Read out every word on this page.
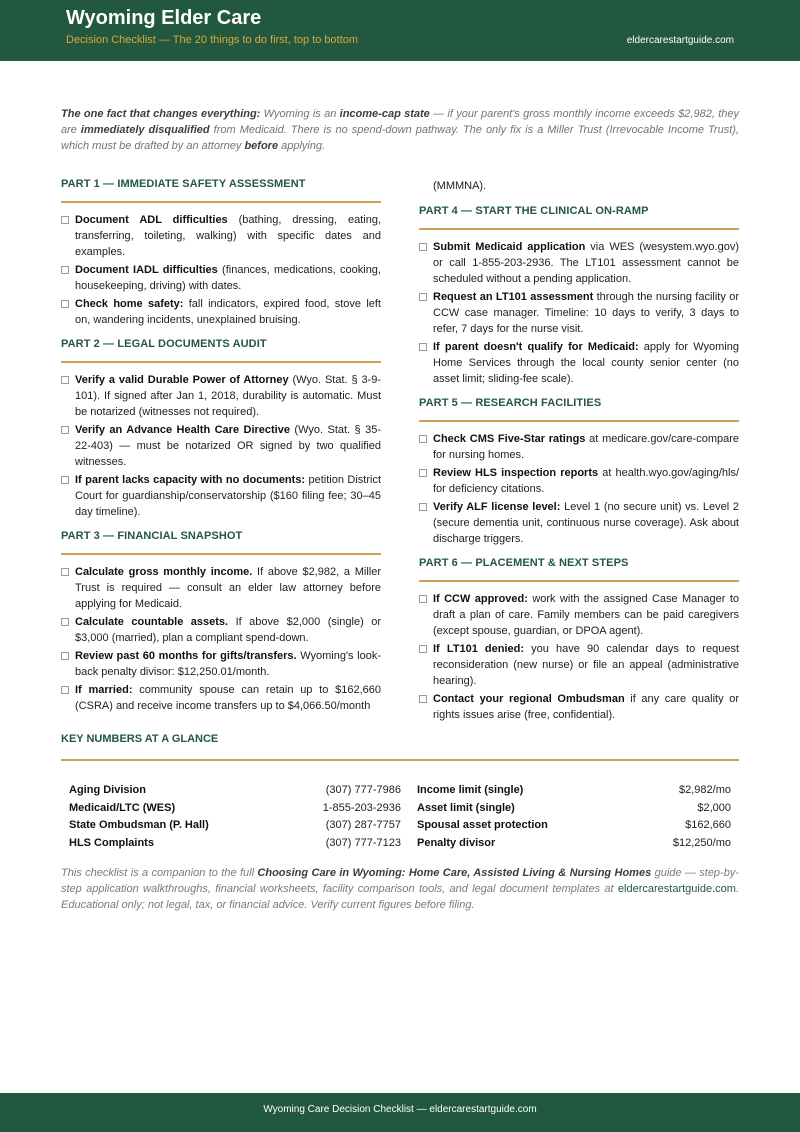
Wyoming Elder Care
Decision Checklist — The 20 things to do first, top to bottom	eldercarestartguide.com

The one fact that changes everything: Wyoming is an income-cap state — if your parent's gross monthly income exceeds $2,982, they are immediately disqualified from Medicaid. There is no spend-down pathway. The only fix is a Miller Trust (Irrevocable Income Trust), which must be drafted by an attorney before applying.

PART 1 — IMMEDIATE SAFETY ASSESSMENT
Document ADL difficulties (bathing, dressing, eating, transferring, toileting, walking) with specific dates and examples.
Document IADL difficulties (finances, medications, cooking, housekeeping, driving) with dates.
Check home safety: fall indicators, expired food, stove left on, wandering incidents, unexplained bruising.
PART 2 — LEGAL DOCUMENTS AUDIT
Verify a valid Durable Power of Attorney (Wyo. Stat. § 3-9-101). If signed after Jan 1, 2018, durability is automatic. Must be notarized (witnesses not required).
Verify an Advance Health Care Directive (Wyo. Stat. § 35-22-403) — must be notarized OR signed by two qualified witnesses.
If parent lacks capacity with no documents: petition District Court for guardianship/conservatorship ($160 filing fee; 30–45 day timeline).
PART 3 — FINANCIAL SNAPSHOT
Calculate gross monthly income. If above $2,982, a Miller Trust is required — consult an elder law attorney before applying for Medicaid.
Calculate countable assets. If above $2,000 (single) or $3,000 (married), plan a compliant spend-down.
Review past 60 months for gifts/transfers. Wyoming's look-back penalty divisor: $12,250.01/month.
If married: community spouse can retain up to $162,660 (CSRA) and receive income transfers up to $4,066.50/month
(MMMNA).
PART 4 — START THE CLINICAL ON-RAMP
Submit Medicaid application via WES (wesystem.wyo.gov) or call 1-855-203-2936. The LT101 assessment cannot be scheduled without a pending application.
Request an LT101 assessment through the nursing facility or CCW case manager. Timeline: 10 days to verify, 3 days to refer, 7 days for the nurse visit.
If parent doesn't qualify for Medicaid: apply for Wyoming Home Services through the local county senior center (no asset limit; sliding-fee scale).
PART 5 — RESEARCH FACILITIES
Check CMS Five-Star ratings at medicare.gov/care-compare for nursing homes.
Review HLS inspection reports at health.wyo.gov/aging/hls/ for deficiency citations.
Verify ALF license level: Level 1 (no secure unit) vs. Level 2 (secure dementia unit, continuous nurse coverage). Ask about discharge triggers.
PART 6 — PLACEMENT & NEXT STEPS
If CCW approved: work with the assigned Case Manager to draft a plan of care. Family members can be paid caregivers (except spouse, guardian, or DPOA agent).
If LT101 denied: you have 90 calendar days to request reconsideration (new nurse) or file an appeal (administrative hearing).
Contact your regional Ombudsman if any care quality or rights issues arise (free, confidential).
KEY NUMBERS AT A GLANCE
Aging Division	(307) 777-7986
Medicaid/LTC (WES)	1-855-203-2936
State Ombudsman (P. Hall)	(307) 287-7757
HLS Complaints	(307) 777-7123
Income limit (single)	$2,982/mo
Asset limit (single)	$2,000
Spousal asset protection	$162,660
Penalty divisor	$12,250/mo

This checklist is a companion to the full Choosing Care in Wyoming: Home Care, Assisted Living & Nursing Homes guide — step-by-step application walkthroughs, financial worksheets, facility comparison tools, and legal document templates at eldercarestartguide.com. Educational only; not legal, tax, or financial advice. Verify current figures before filing.

Wyoming Care Decision Checklist — eldercarestartguide.com
